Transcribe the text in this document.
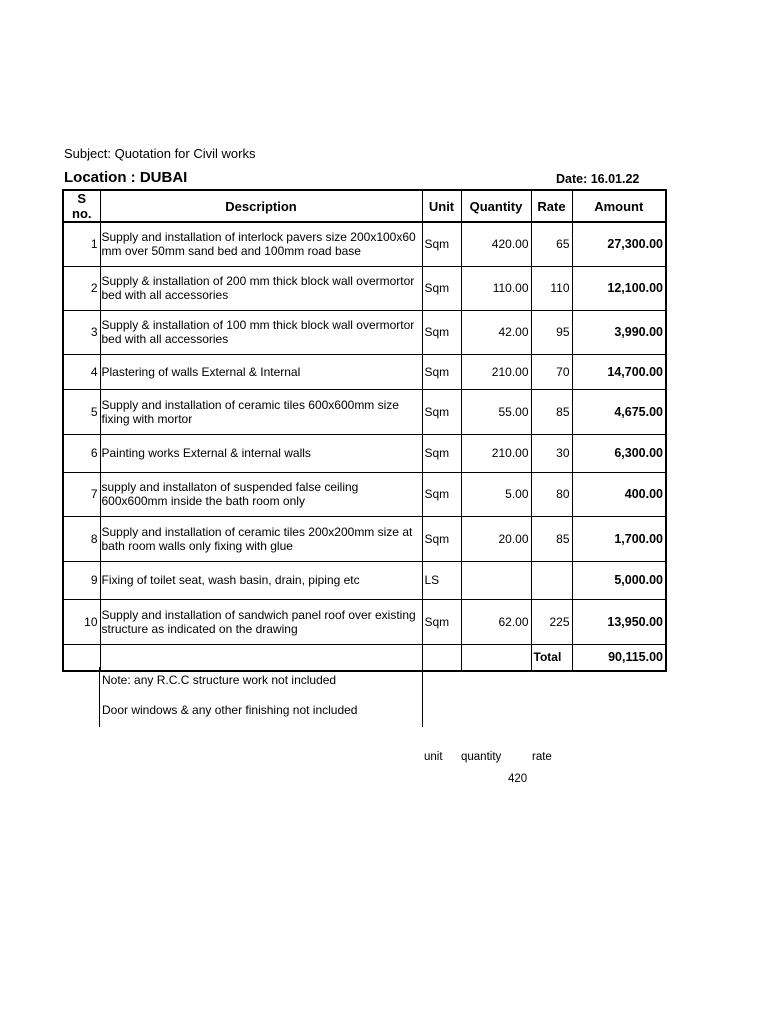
Subject: Quotation for Civil works
Location : DUBAI	Date: 16.01.22
S no.	Description	Unit	Quantity	Rate	Amount
1	Supply and installation of interlock pavers size 200x100x60 mm over 50mm sand bed and 100mm road base	Sqm	420.00	65	27,300.00
2	Supply & installation of 200 mm thick block wall overmortor bed with all accessories	Sqm	110.00	110	12,100.00
3	Supply & installation of 100 mm thick block wall overmortor bed with all accessories	Sqm	42.00	95	3,990.00
4	Plastering of walls External & Internal	Sqm	210.00	70	14,700.00
5	Supply and installation of ceramic tiles 600x600mm size fixing with mortor	Sqm	55.00	85	4,675.00
6	Painting works External & internal walls	Sqm	210.00	30	6,300.00
7	supply and installaton of suspended false ceiling 600x600mm inside the bath room only	Sqm	5.00	80	400.00
8	Supply and installation of ceramic tiles 200x200mm size at bath room walls only fixing with glue	Sqm	20.00	85	1,700.00
9	Fixing of toilet seat, wash basin, drain, piping etc	LS			5,000.00
10	Supply and installation of sandwich panel roof over existing structure as indicated on the drawing	Sqm	62.00	225	13,950.00
				Total	90,115.00
Note: any R.C.C structure work not included
Door windows & any other finishing not included
unit quantity	rate
420
